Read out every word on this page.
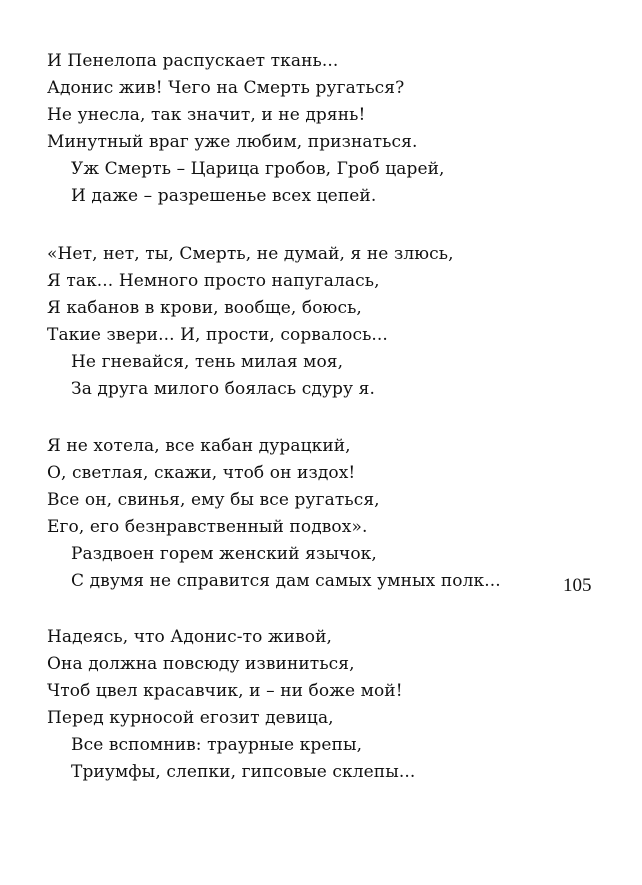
И Пенелопа распускает ткань...
Адонис жив! Чего на Смерть ругаться?
Не унесла, так значит, и не дрянь!
Минутный враг уже любим, признаться.
Уж Смерть – Царица гробов, Гроб царей,
И даже – разрешенье всех цепей.
«Нет, нет, ты, Смерть, не думай, я не злюсь,
Я так... Немного просто напугалась,
Я кабанов в крови, вообще, боюсь,
Такие звери... И, прости, сорвалось...
Не гневайся, тень милая моя,
За друга милого боялась сдуру я.
Я не хотела, все кабан дурацкий,
О, светлая, скажи, чтоб он издох!
Все он, свинья, ему бы все ругаться,
Его, его безнравственный подвох».
Раздвоен горем женский язычок,
С двумя не справится дам самых умных полк...
Надеясь, что Адонис-то живой,
Она должна повсюду извиниться,
Чтоб цвел красавчик, и – ни боже мой!
Перед курносой егозит девица,
Все вспомнив: траурные крепы,
Триумфы, слепки, гипсовые склепы...
105
